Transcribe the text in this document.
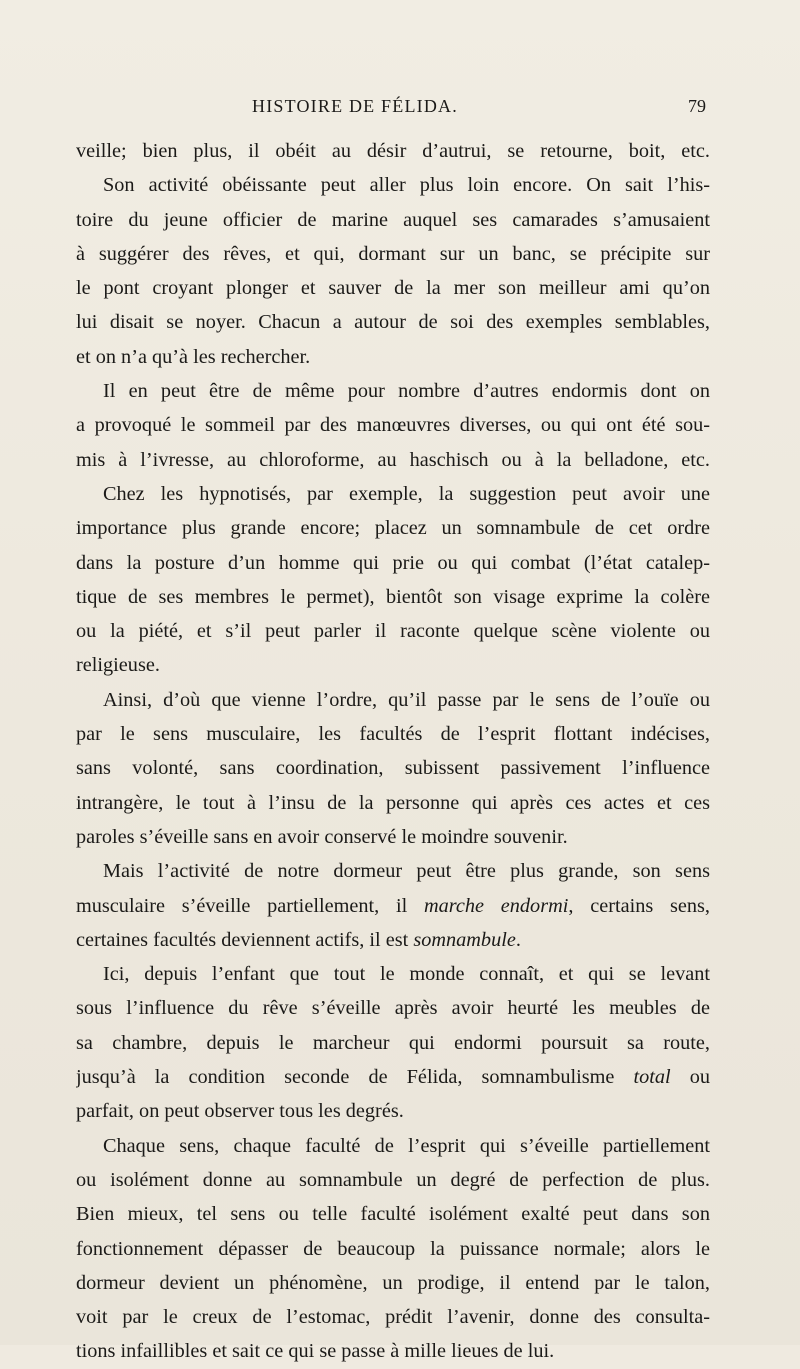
HISTOIRE DE FÉLIDA.	79
veille; bien plus, il obéit au désir d’autrui, se retourne, boit, etc.
Son activité obéissante peut aller plus loin encore. On sait l’his-
toire du jeune officier de marine auquel ses camarades s’amusaient
à suggérer des rêves, et qui, dormant sur un banc, se précipite sur
le pont croyant plonger et sauver de la mer son meilleur ami qu’on
lui disait se noyer. Chacun a autour de soi des exemples semblables,
et on n’a qu’à les rechercher.
Il en peut être de même pour nombre d’autres endormis dont on
a provoqué le sommeil par des manœuvres diverses, ou qui ont été sou-
mis à l’ivresse, au chloroforme, au haschisch ou à la belladone, etc.
Chez les hypnotisés, par exemple, la suggestion peut avoir une
importance plus grande encore; placez un somnambule de cet ordre
dans la posture d’un homme qui prie ou qui combat (l’état catalep-
tique de ses membres le permet), bientôt son visage exprime la colère
ou la piété, et s’il peut parler il raconte quelque scène violente ou
religieuse.
Ainsi, d’où que vienne l’ordre, qu’il passe par le sens de l’ouïe ou
par le sens musculaire, les facultés de l’esprit flottant indécises,
sans volonté, sans coordination, subissent passivement l’influence
intrangère, le tout à l’insu de la personne qui après ces actes et ces
paroles s’éveille sans en avoir conservé le moindre souvenir.
Mais l’activité de notre dormeur peut être plus grande, son sens
musculaire s’éveille partiellement, il marche endormi, certains sens,
certaines facultés deviennent actifs, il est somnambule.
Ici, depuis l’enfant que tout le monde connaît, et qui se levant
sous l’influence du rêve s’éveille après avoir heurté les meubles de
sa chambre, depuis le marcheur qui endormi poursuit sa route,
jusqu’à la condition seconde de Félida, somnambulisme total ou
parfait, on peut observer tous les degrés.
Chaque sens, chaque faculté de l’esprit qui s’éveille partiellement
ou isolément donne au somnambule un degré de perfection de plus.
Bien mieux, tel sens ou telle faculté isolément exalté peut dans son
fonctionnement dépasser de beaucoup la puissance normale; alors le
dormeur devient un phénomène, un prodige, il entend par le talon,
voit par le creux de l’estomac, prédit l’avenir, donne des consulta-
tions infaillibles et sait ce qui se passe à mille lieues de lui.
